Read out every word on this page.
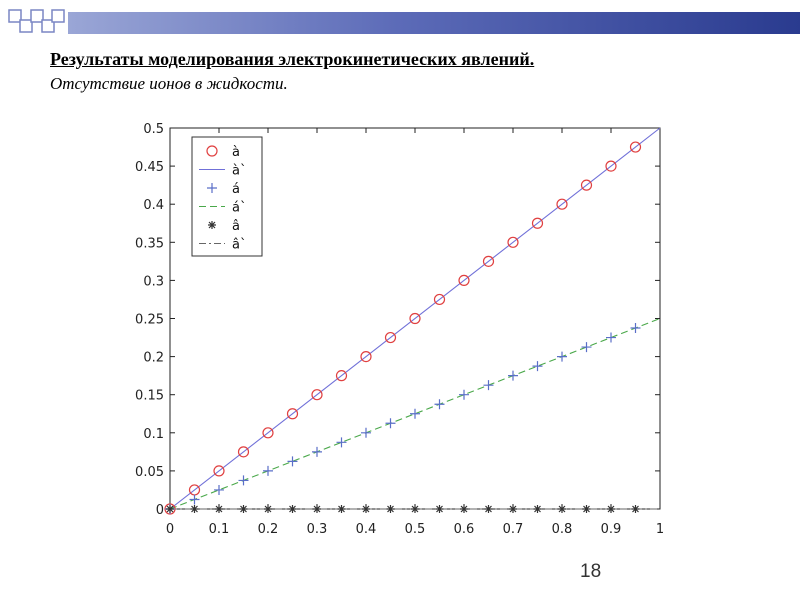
Результаты моделирования электрокинетических явлений.
Отсутствие ионов в жидкости.
0
0.05
0.1
0.15
0.2
0.25
0.3
0.35
0.4
0.45
0.5
0	0.1 0.2 0.3 0.4 0.5 0.6 0.7 0.8 0.9	1
à
à`
á
á`
â
â`
18
